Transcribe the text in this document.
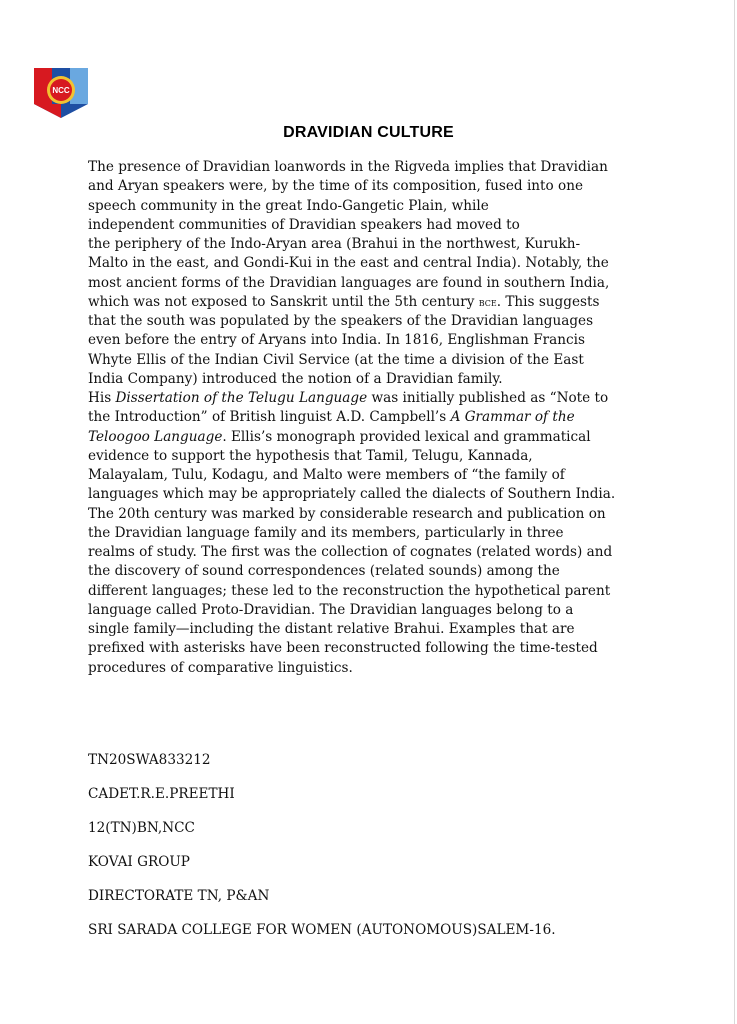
NCC
DRAVIDIAN CULTURE
The presence of Dravidian loanwords in the Rigveda implies that Dravidian
and Aryan speakers were, by the time of its composition, fused into one
speech community in the great Indo-Gangetic Plain, while
independent communities of Dravidian speakers had moved to
the periphery of the Indo-Aryan area (Brahui in the northwest, Kurukh-
Malto in the east, and Gondi-Kui in the east and central India). Notably, the
most ancient forms of the Dravidian languages are found in southern India,
which was not exposed to Sanskrit until the 5th century bce. This suggests
that the south was populated by the speakers of the Dravidian languages
even before the entry of Aryans into India. In 1816, Englishman Francis
Whyte Ellis of the Indian Civil Service (at the time a division of the East
India Company) introduced the notion of a Dravidian family.
His Dissertation of the Telugu Language was initially published as “Note to
the Introduction” of British linguist A.D. Campbell’s A Grammar of the
Teloogoo Language. Ellis’s monograph provided lexical and grammatical
evidence to support the hypothesis that Tamil, Telugu, Kannada,
Malayalam, Tulu, Kodagu, and Malto were members of “the family of
languages which may be appropriately called the dialects of Southern India.
The 20th century was marked by considerable research and publication on
the Dravidian language family and its members, particularly in three
realms of study. The first was the collection of cognates (related words) and
the discovery of sound correspondences (related sounds) among the
different languages; these led to the reconstruction the hypothetical parent
language called Proto-Dravidian. The Dravidian languages belong to a
single family—including the distant relative Brahui. Examples that are
prefixed with asterisks have been reconstructed following the time-tested
procedures of comparative linguistics.
TN20SWA833212
CADET.R.E.PREETHI
12(TN)BN,NCC
KOVAI GROUP
DIRECTORATE TN, P&AN
SRI SARADA COLLEGE FOR WOMEN (AUTONOMOUS)SALEM-16.
